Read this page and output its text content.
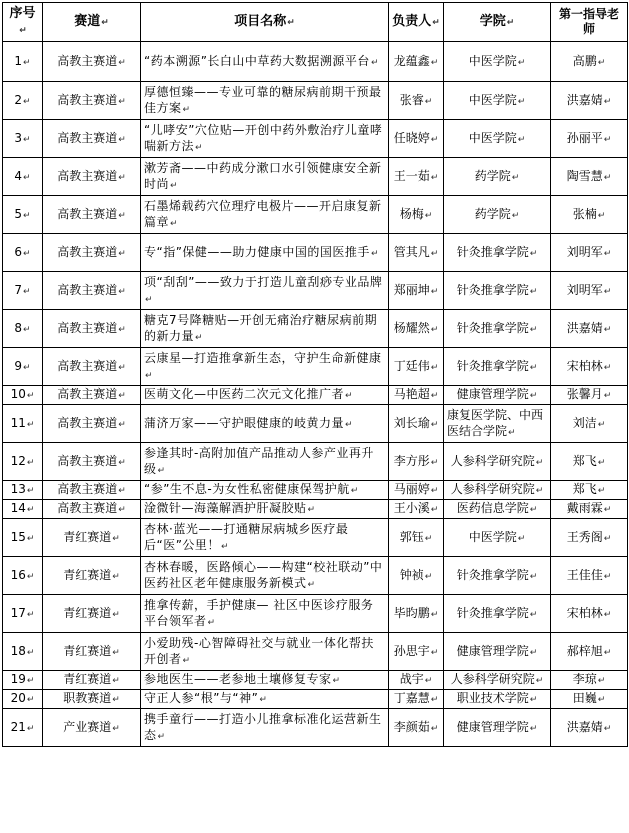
序号↵	赛道↵	项目名称↵	负责人↵	学院↵	第一指导老师

1↵	高教主赛道↵	“药本溯源”长白山中草药大数据溯源平台↵	龙蕴鑫↵	中医学院↵	高鹏↵
2↵	高教主赛道↵	厚德恒臻——专业可靠的糖尿病前期干预最佳方案↵	张睿↵	中医学院↵	洪嘉婧↵
3↵	高教主赛道↵	“儿哮安”穴位贴—开创中药外敷治疗儿童哮喘新方法↵	任晓婷↵	中医学院↵	孙丽平↵
4↵	高教主赛道↵	漱芳斋——中药成分漱口水引领健康安全新时尚↵	王一茹↵	药学院↵	陶雪慧↵
5↵	高教主赛道↵	石墨烯载药穴位理疗电极片——开启康复新篇章↵	杨梅↵	药学院↵	张楠↵
6↵	高教主赛道↵	专“指”保健——助力健康中国的国医推手↵	管其凡↵	针灸推拿学院↵	刘明军↵
7↵	高教主赛道↵	项“刮刮”——致力于打造儿童刮痧专业品牌↵	郑丽坤↵	针灸推拿学院↵	刘明军↵
8↵	高教主赛道↵	糖克7号降糖贴—开创无痛治疗糖尿病前期的新力量↵	杨耀然↵	针灸推拿学院↵	洪嘉婧↵
9↵	高教主赛道↵	云康星—打造推拿新生态，守护生命新健康↵	丁廷伟↵	针灸推拿学院↵	宋柏林↵
10↵	高教主赛道↵	医萌文化—中医药二次元文化推广者↵	马艳超↵	健康管理学院↵	张馨月↵
11↵	高教主赛道↵	蒲济万家——守护眼健康的岐黄力量↵	刘长瑜↵	康复医学院、中西医结合学院↵	刘洁↵
12↵	高教主赛道↵	参逢其时-高附加值产品推动人参产业再升级↵	李方彤↵	人参科学研究院↵	郑飞↵
13↵	高教主赛道↵	“参”生不息-为女性私密健康保驾护航↵	马丽婷↵	人参科学研究院↵	郑飞↵
14↵	高教主赛道↵	淦微针—海藻解酒护肝凝胶贴↵	王小溪↵	医药信息学院↵	戴雨霖↵
15↵	青红赛道↵	杏林·蓝光——打通糖尿病城乡医疗最后“医”公里！↵	郭钰↵	中医学院↵	王秀阁↵
16↵	青红赛道↵	杏林春暖，医路倾心——构建“校社联动”中医药社区老年健康服务新模式↵	钟祯↵	针灸推拿学院↵	王佳佳↵
17↵	青红赛道↵	推拿传薪，手护健康— 社区中医诊疗服务平台领军者↵	毕昀鹏↵	针灸推拿学院↵	宋柏林↵
18↵	青红赛道↵	小爱助残-心智障碍社交与就业一体化帮扶开创者↵	孙思宇↵	健康管理学院↵	郝梓旭↵
19↵	青红赛道↵	参地医生——老参地土壤修复专家↵	战宇↵	人参科学研究院↵	李琼↵
20↵	职教赛道↵	守正人参“根”与“神”↵	丁嘉慧↵	职业技术学院↵	田巍↵
21↵	产业赛道↵	携手童行——打造小儿推拿标准化运营新生态↵	李颜茹↵	健康管理学院↵	洪嘉婧↵
